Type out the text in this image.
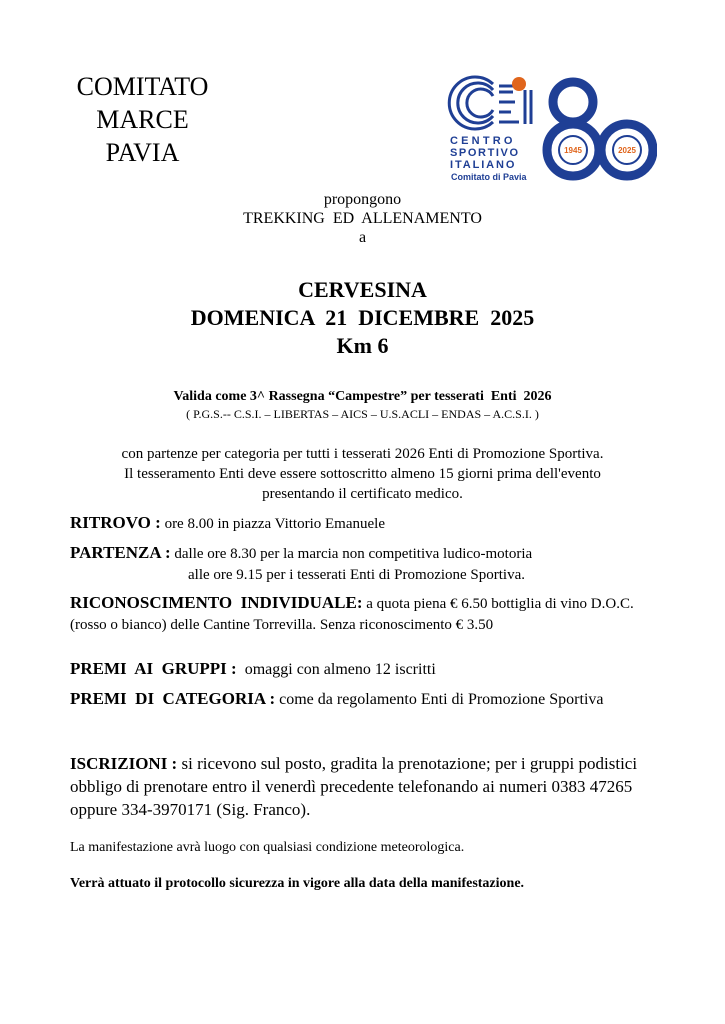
COMITATO
MARCE
PAVIA	CENTRO
SPORTIVO
ITALIANO
Comitato di Pavia
1945	2025
propongono
TREKKING  ED  ALLENAMENTO
a
CERVESINA
DOMENICA  21  DICEMBRE  2025
Km 6
Valida come 3^ Rassegna “Campestre” per tesserati  Enti  2026
( P.G.S.-- C.S.I. – LIBERTAS – AICS – U.S.ACLI – ENDAS – A.C.S.I. )
con partenze per categoria per tutti i tesserati 2026 Enti di Promozione Sportiva.
Il tesseramento Enti deve essere sottoscritto almeno 15 giorni prima dell'evento
presentando il certificato medico.
RITROVO : ore 8.00 in piazza Vittorio Emanuele
PARTENZA : dalle ore 8.30 per la marcia non competitiva ludico-motoria
alle ore 9.15 per i tesserati Enti di Promozione Sportiva.
RICONOSCIMENTO  INDIVIDUALE: a quota piena € 6.50 bottiglia di vino D.O.C. (rosso o bianco) delle Cantine Torrevilla. Senza riconoscimento € 3.50
PREMI  AI  GRUPPI :  omaggi con almeno 12 iscritti
PREMI  DI  CATEGORIA : come da regolamento Enti di Promozione Sportiva
ISCRIZIONI : si ricevono sul posto, gradita la prenotazione; per i gruppi podistici obbligo di prenotare entro il venerdì precedente telefonando ai numeri 0383 47265 oppure 334-3970171 (Sig. Franco).
La manifestazione avrà luogo con qualsiasi condizione meteorologica.
Verrà attuato il protocollo sicurezza in vigore alla data della manifestazione.
